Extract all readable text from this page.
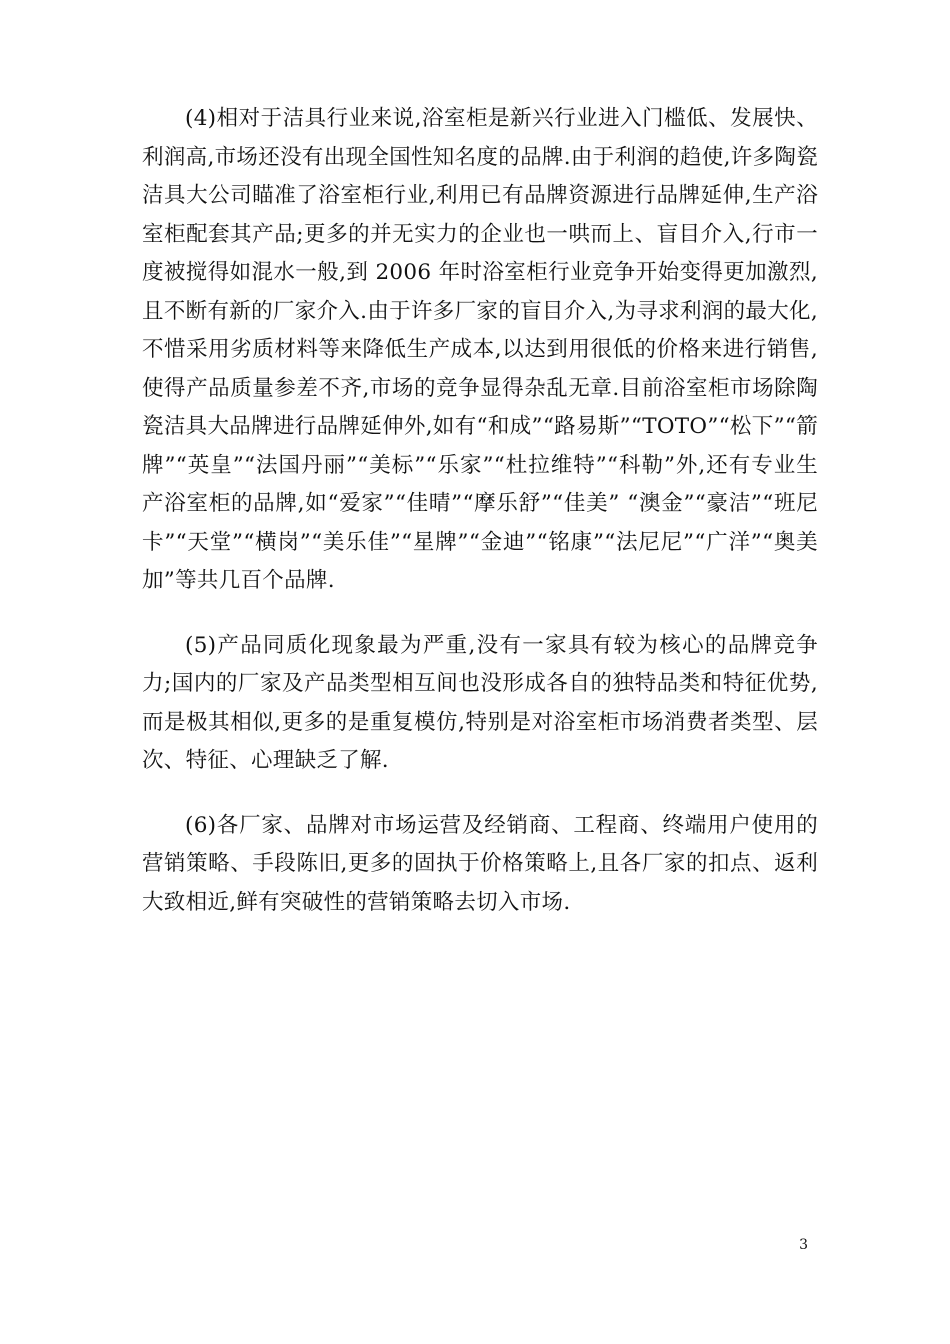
(4)相对于洁具行业来说,浴室柜是新兴行业进入门槛低、发展快、利润高,市场还没有出现全国性知名度的品牌.由于利润的趋使,许多陶瓷洁具大公司瞄准了浴室柜行业,利用已有品牌资源进行品牌延伸,生产浴室柜配套其产品;更多的并无实力的企业也一哄而上、盲目介入,行市一度被搅得如混水一般,到 2006 年时浴室柜行业竞争开始变得更加激烈,且不断有新的厂家介入.由于许多厂家的盲目介入,为寻求利润的最大化,不惜采用劣质材料等来降低生产成本,以达到用很低的价格来进行销售,使得产品质量参差不齐,市场的竞争显得杂乱无章.目前浴室柜市场除陶瓷洁具大品牌进行品牌延伸外,如有“和成”“路易斯”“TOTO”“松下”“箭牌”“英皇”“法国丹丽”“美标”“乐家”“杜拉维特”“科勒”外,还有专业生产浴室柜的品牌,如“爱家”“佳晴”“摩乐舒”“佳美” “澳金”“豪洁”“班尼卡”“天堂”“横岗”“美乐佳”“星牌”“金迪”“铭康”“法尼尼”“广洋”“奥美加”等共几百个品牌.

(5)产品同质化现象最为严重,没有一家具有较为核心的品牌竞争力;国内的厂家及产品类型相互间也没形成各自的独特品类和特征优势,而是极其相似,更多的是重复模仿,特别是对浴室柜市场消费者类型、层次、特征、心理缺乏了解.

(6)各厂家、品牌对市场运营及经销商、工程商、终端用户使用的营销策略、手段陈旧,更多的固执于价格策略上,且各厂家的扣点、返利大致相近,鲜有突破性的营销策略去切入市场.

3
